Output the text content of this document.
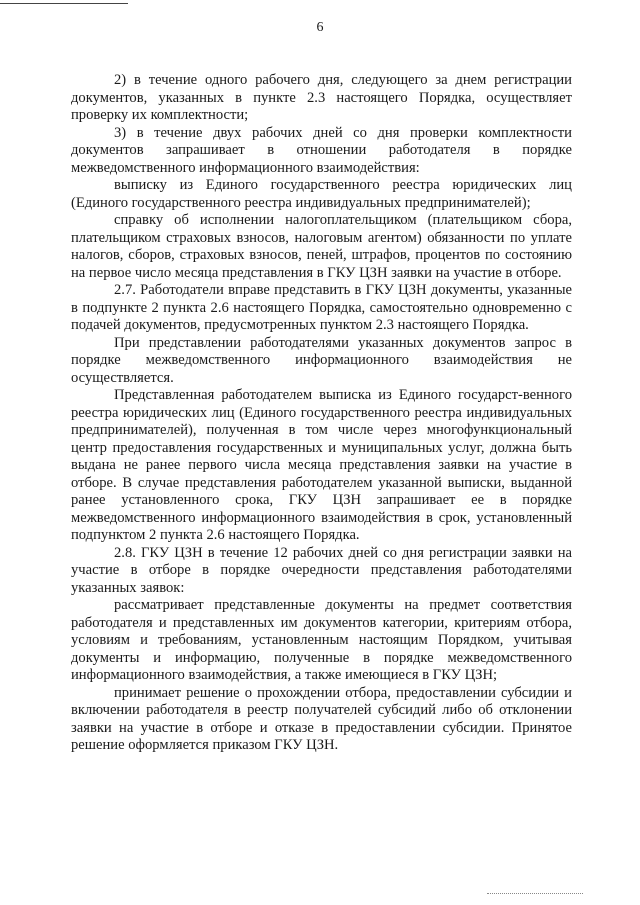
6

2) в течение одного рабочего дня, следующего за днем регистрации документов, указанных в пункте 2.3 настоящего Порядка, осуществляет проверку их комплектности;

3) в течение двух рабочих дней со дня проверки комплектности документов запрашивает в отношении работодателя в порядке межведомственного информационного взаимодействия:

выписку из Единого государственного реестра юридических лиц (Единого государственного реестра индивидуальных предпринимателей);

справку об исполнении налогоплательщиком (плательщиком сбора, плательщиком страховых взносов, налоговым агентом) обязанности по уплате налогов, сборов, страховых взносов, пеней, штрафов, процентов по состоянию на первое число месяца представления в ГКУ ЦЗН заявки на участие в отборе.

2.7. Работодатели вправе представить в ГКУ ЦЗН документы, указанные в подпункте 2 пункта 2.6 настоящего Порядка, самостоятельно одновременно с подачей документов, предусмотренных пунктом 2.3 настоящего Порядка.

При представлении работодателями указанных документов запрос в порядке межведомственного информационного взаимодействия не осуществляется.

Представленная работодателем выписка из Единого государст-венного реестра юридических лиц (Единого государственного реестра индивидуальных предпринимателей), полученная в том числе через многофункциональный центр предоставления государственных и муниципальных услуг, должна быть выдана не ранее первого числа месяца представления заявки на участие в отборе. В случае представления работодателем указанной выписки, выданной ранее установленного срока, ГКУ ЦЗН запрашивает ее в порядке межведомственного информационного взаимодействия в срок, установленный подпунктом 2 пункта 2.6 настоящего Порядка.

2.8. ГКУ ЦЗН в течение 12 рабочих дней со дня регистрации заявки на участие в отборе в порядке очередности представления работодателями указанных заявок:

рассматривает представленные документы на предмет соответствия работодателя и представленных им документов категории, критериям отбора, условиям и требованиям, установленным настоящим Порядком, учитывая документы и информацию, полученные в порядке межведомственного информационного взаимодействия, а также имеющиеся в ГКУ ЦЗН;

принимает решение о прохождении отбора, предоставлении субсидии и включении работодателя в реестр получателей субсидий либо об отклонении заявки на участие в отборе и отказе в предоставлении субсидии. Принятое решение оформляется приказом ГКУ ЦЗН.
